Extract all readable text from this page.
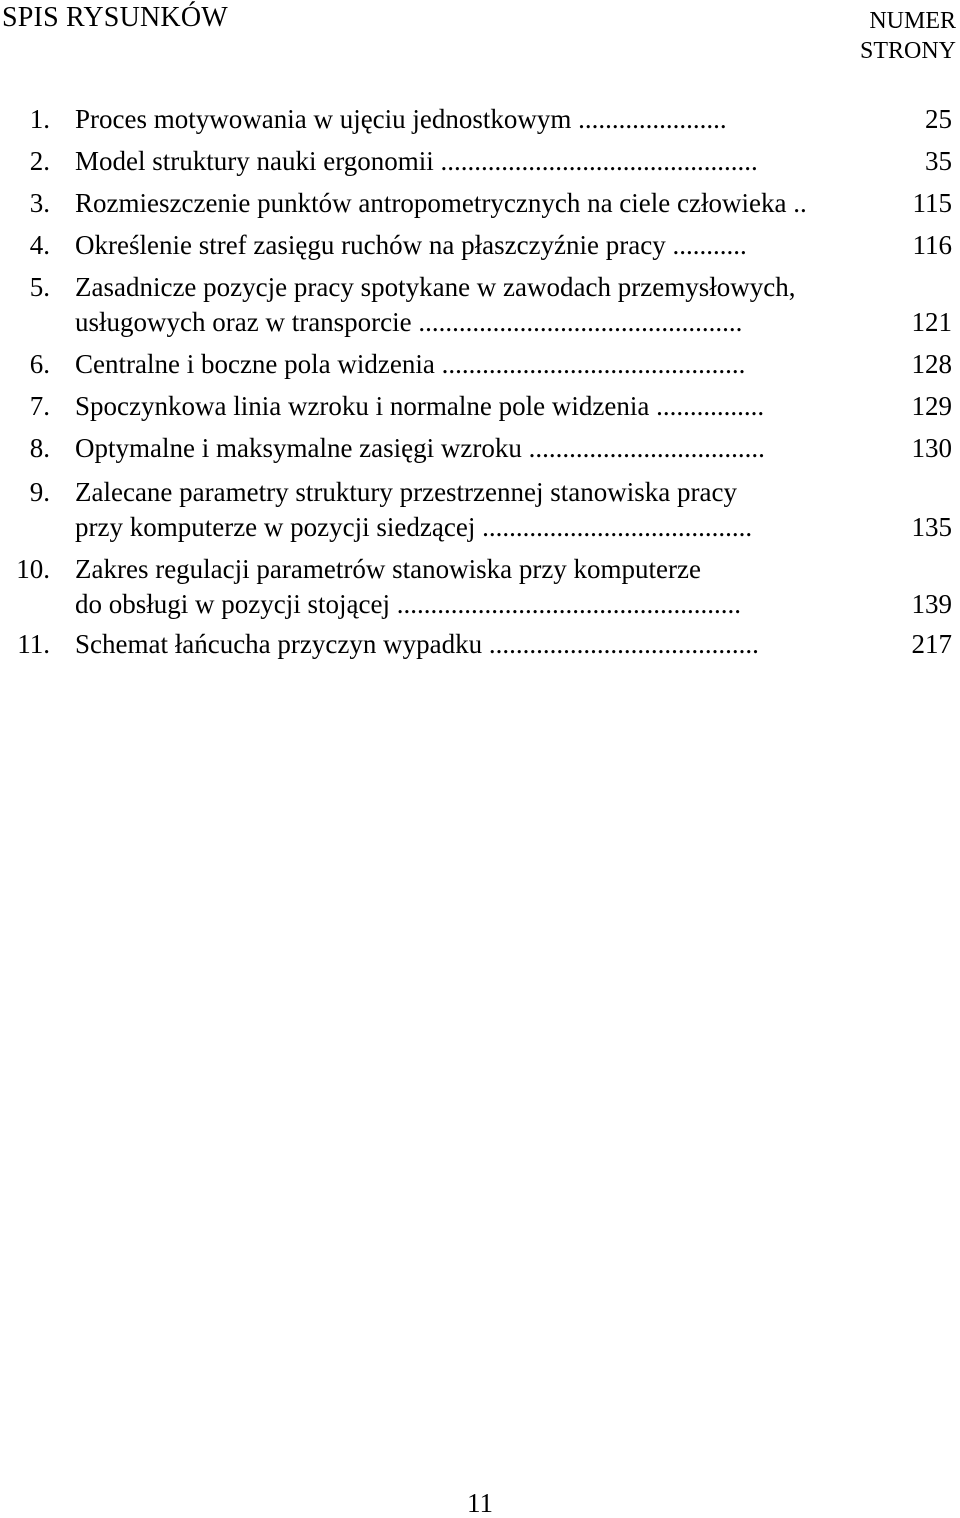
SPIS RYSUNKÓW	NUMER
STRONY
1. Proces motywowania w ujęciu jednostkowym ......................	25
2. Model struktury nauki ergonomii ...............................................	35
3. Rozmieszczenie punktów antropometrycznych na ciele człowieka ..	115
4. Określenie stref zasięgu ruchów na płaszczyźnie pracy ...........	116
5. Zasadnicze pozycje pracy spotykane w zawodach przemysłowych,
usługowych oraz w transporcie ................................................	121
6. Centralne i boczne pola widzenia .............................................	128
7. Spoczynkowa linia wzroku i normalne pole widzenia ................	129
8. Optymalne i maksymalne zasięgi wzroku ...................................	130
9. Zalecane parametry struktury przestrzennej stanowiska pracy
przy komputerze w pozycji siedzącej ........................................	135
10. Zakres regulacji parametrów stanowiska przy komputerze
do obsługi w pozycji stojącej ...................................................	139
11. Schemat łańcucha przyczyn wypadku ........................................	217
11
